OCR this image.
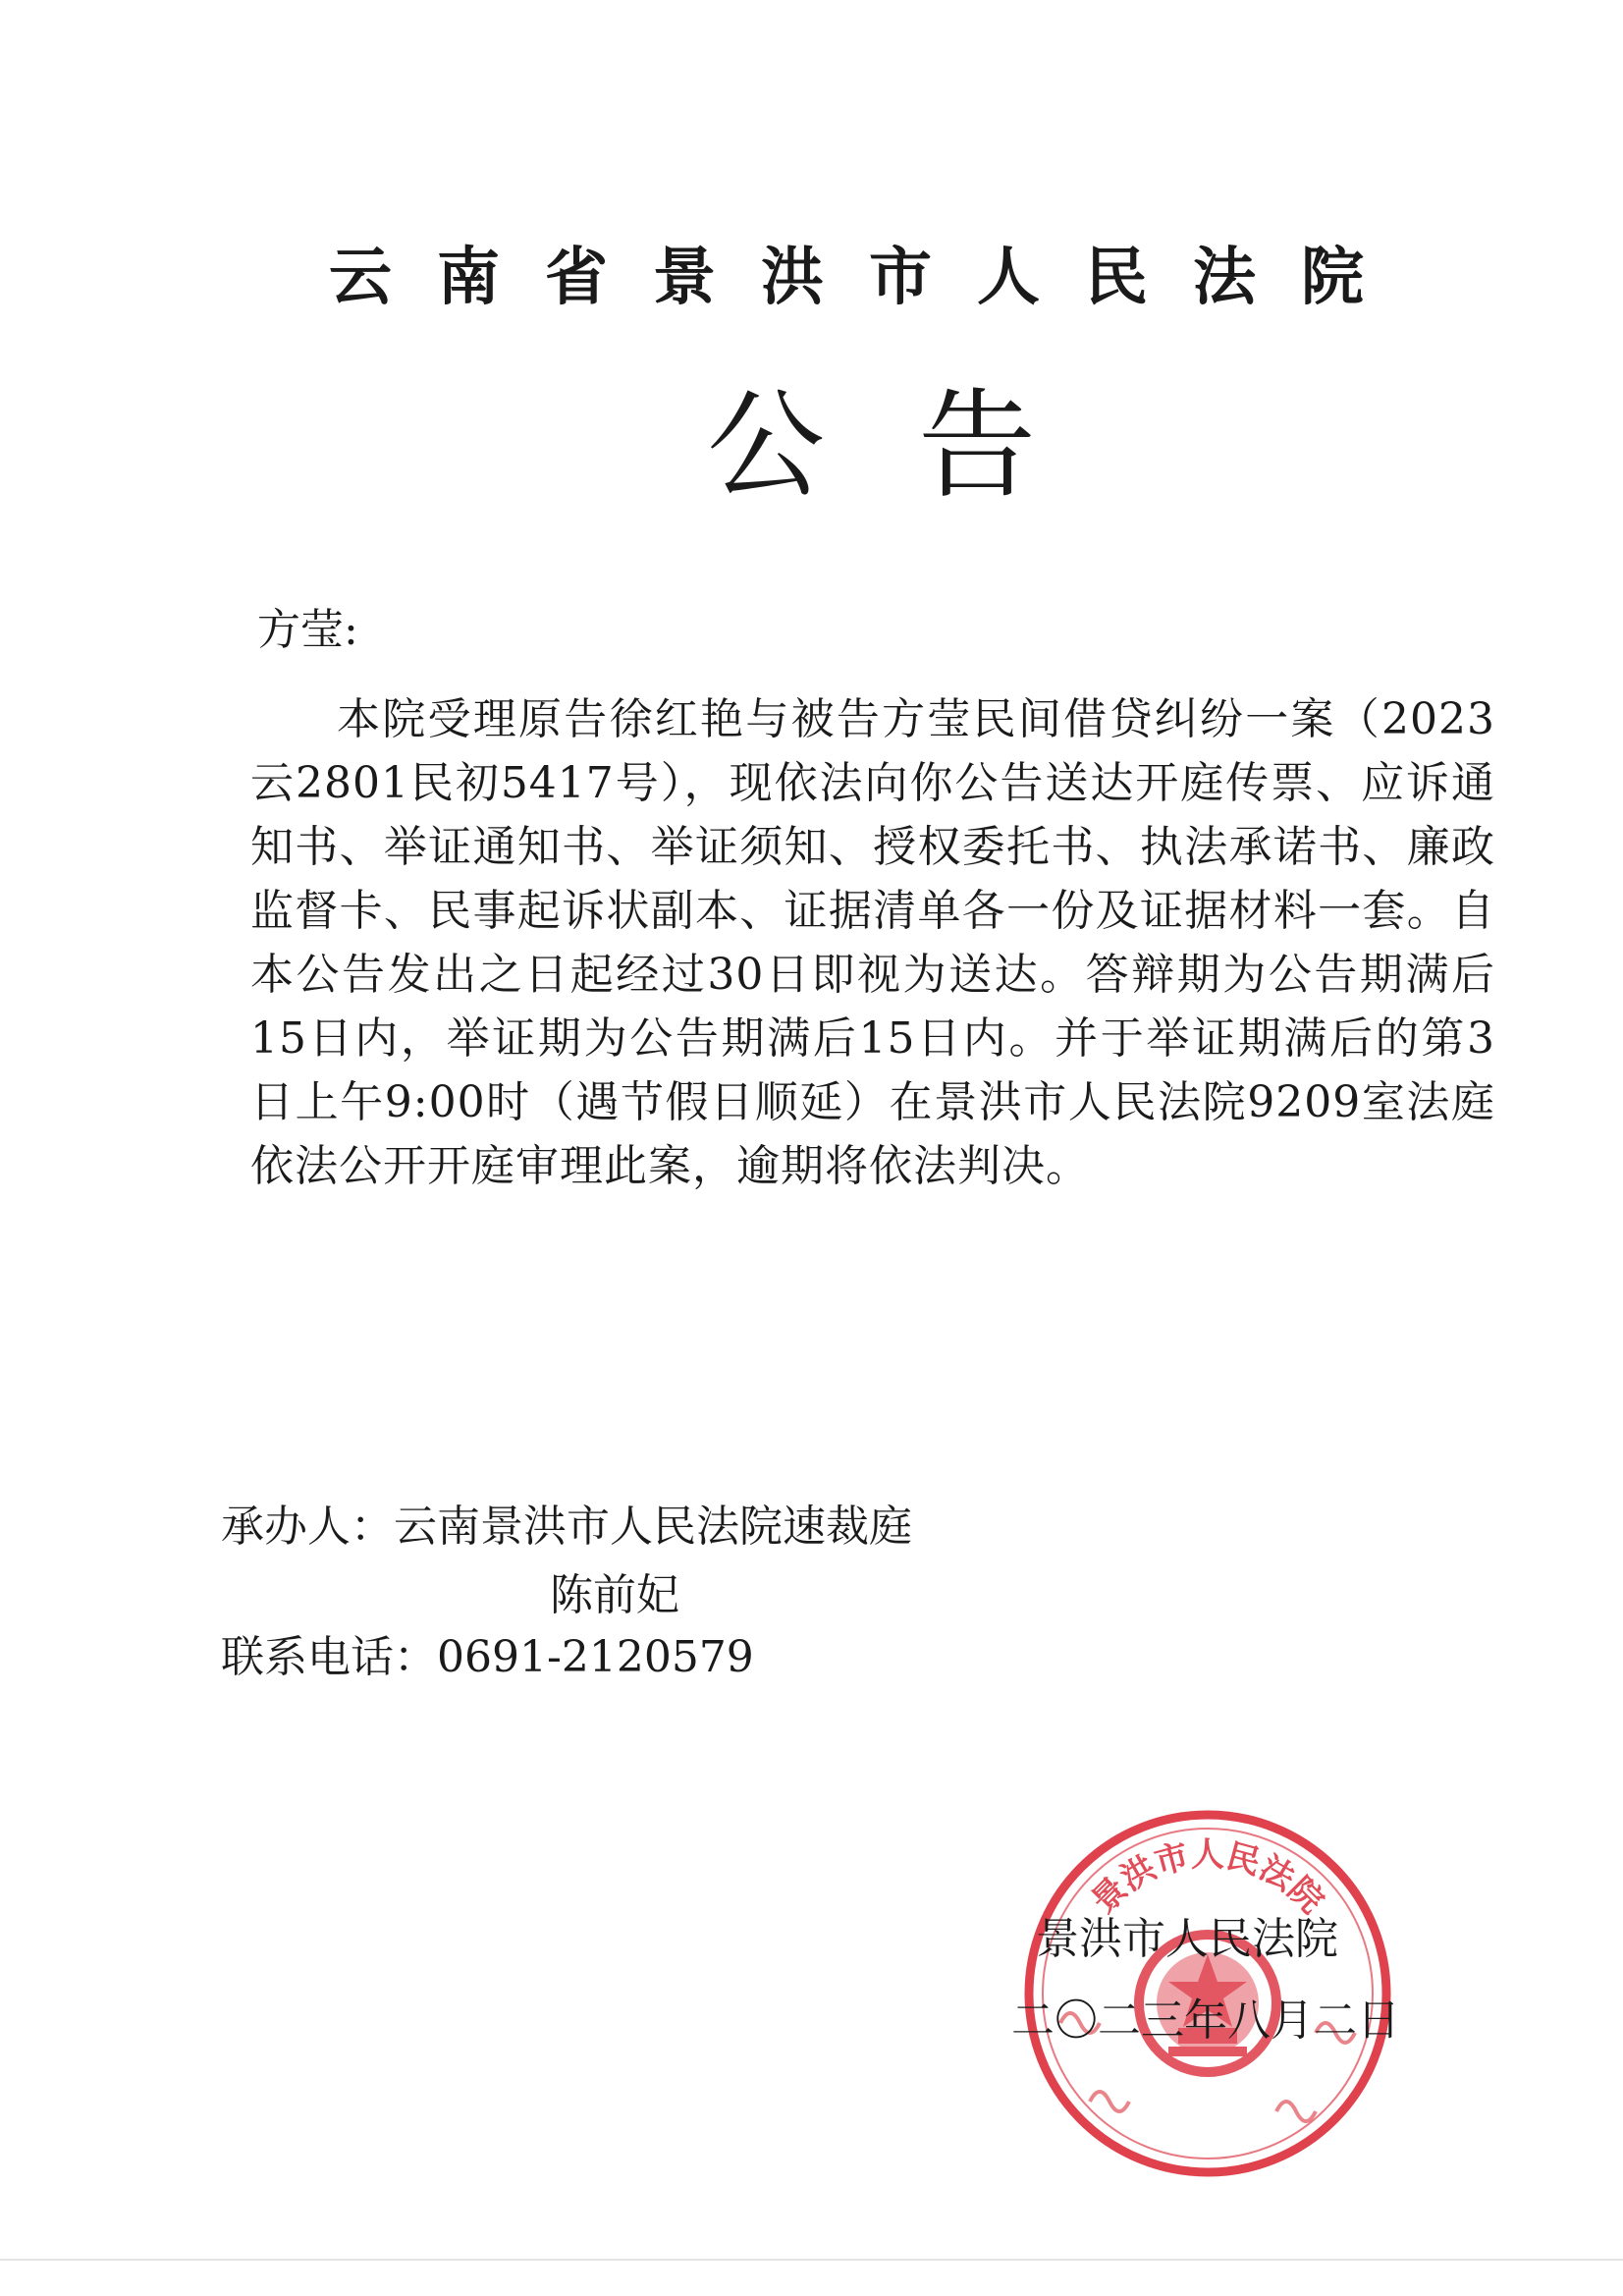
云南省景洪市人民法院
公告
方莹:
本院受理原告徐红艳与被告方莹民间借贷纠纷一案（2023云2801民初5417号），现依法向你公告送达开庭传票、应诉通知书、举证通知书、举证须知、授权委托书、执法承诺书、廉政监督卡、民事起诉状副本、证据清单各一份及证据材料一套。自本公告发出之日起经过30日即视为送达。答辩期为公告期满后15日内，举证期为公告期满后15日内。并于举证期满后的第3日上午9:00时（遇节假日顺延）在景洪市人民法院9209室法庭依法公开开庭审理此案，逾期将依法判决。
承办人：云南景洪市人民法院速裁庭
陈前妃
联系电话：0691-2120579
景洪市人民法院
景洪市人民法院
二〇二三年八月二日
